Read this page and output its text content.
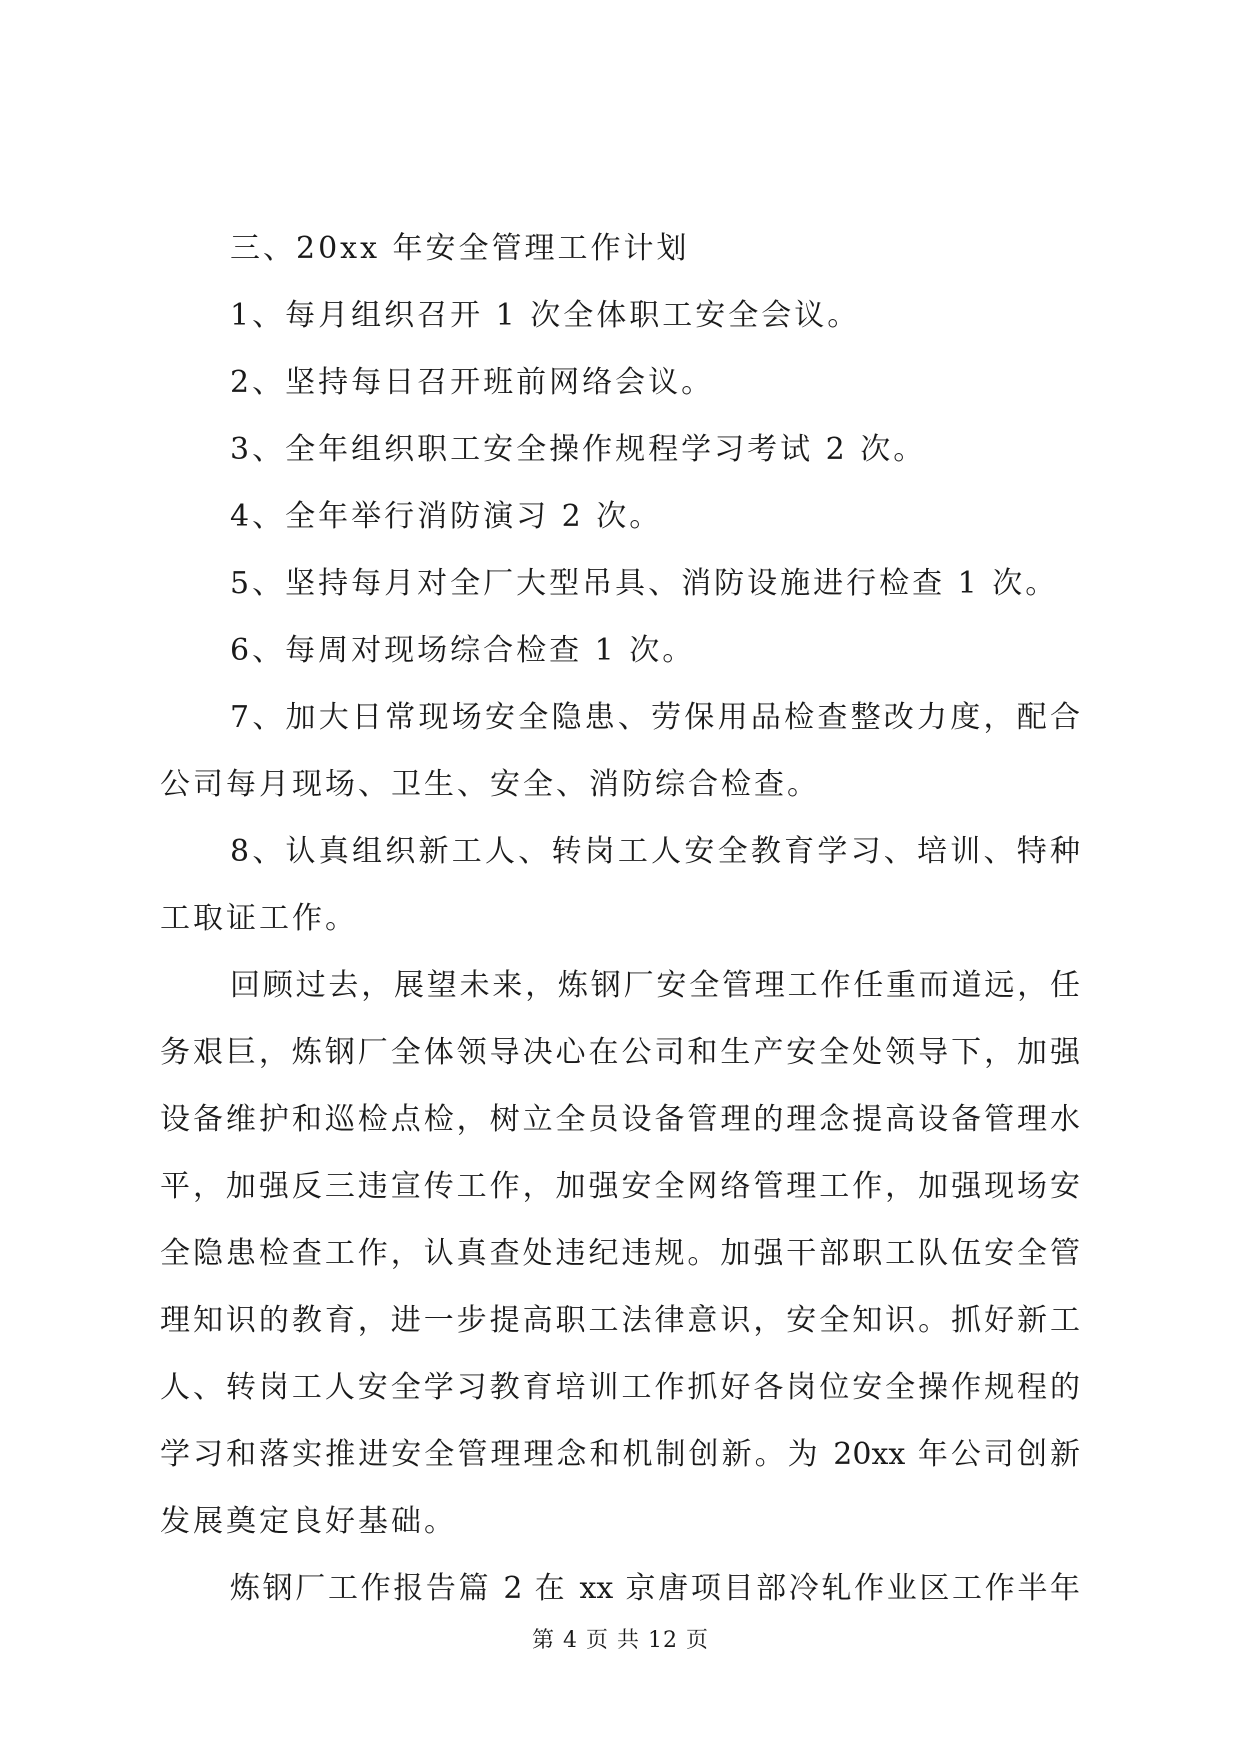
三、20xx 年安全管理工作计划
1、每月组织召开 1 次全体职工安全会议。
2、坚持每日召开班前网络会议。
3、全年组织职工安全操作规程学习考试 2 次。
4、全年举行消防演习 2 次。
5、坚持每月对全厂大型吊具、消防设施进行检查 1 次。
6、每周对现场综合检查 1 次。
7、加大日常现场安全隐患、劳保用品检查整改力度，配合
公司每月现场、卫生、安全、消防综合检查。
8、认真组织新工人、转岗工人安全教育学习、培训、特种
工取证工作。
回顾过去，展望未来，炼钢厂安全管理工作任重而道远，任
务艰巨，炼钢厂全体领导决心在公司和生产安全处领导下，加强
设备维护和巡检点检，树立全员设备管理的理念提高设备管理水
平，加强反三违宣传工作，加强安全网络管理工作，加强现场安
全隐患检查工作，认真查处违纪违规。加强干部职工队伍安全管
理知识的教育，进一步提高职工法律意识，安全知识。抓好新工
人、转岗工人安全学习教育培训工作抓好各岗位安全操作规程的
学习和落实推进安全管理理念和机制创新。为 20xx 年公司创新
发展奠定良好基础。
炼钢厂工作报告篇 2 在 xx 京唐项目部冷轧作业区工作半年
第 4 页 共 12 页
